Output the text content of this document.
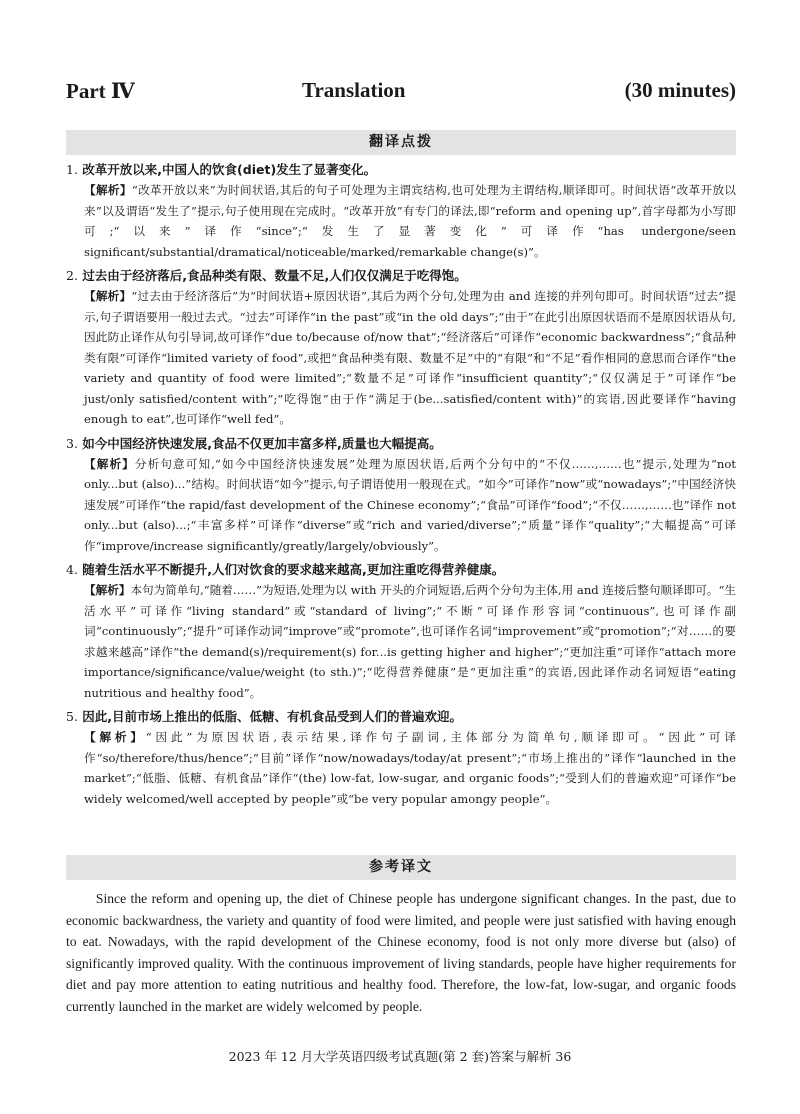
Part Ⅳ	Translation	(30 minutes)
翻译点拨
1. 改革开放以来,中国人的饮食(diet)发生了显著变化。
【解析】“改革开放以来”为时间状语,其后的句子可处理为主谓宾结构,也可处理为主谓结构,顺译即可。时间状语“改革开放以来”以及谓语“发生了”提示,句子使用现在完成时。“改革开放”有专门的译法,即“reform and opening up”,首字母都为小写即可;“以来”译作“since”;“发生了显著变化”可译作“has undergone/seen significant/substantial/dramatical/noticeable/marked/remarkable change(s)”。
2. 过去由于经济落后,食品种类有限、数量不足,人们仅仅满足于吃得饱。
【解析】“过去由于经济落后”为“时间状语+原因状语”,其后为两个分句,处理为由 and 连接的并列句即可。时间状语“过去”提示,句子谓语要用一般过去式。“过去”可译作“in the past”或“in the old days”;“由于”在此引出原因状语而不是原因状语从句,因此防止译作从句引导词,故可译作“due to/because of/now that”;“经济落后”可译作“economic backwardness”;“食品种类有限”可译作“limited variety of food”,或把“食品种类有限、数量不足”中的“有限”和“不足”看作相同的意思而合译作“the variety and quantity of food were limited”;“数量不足”可译作“insufficient quantity”;“仅仅满足于”可译作“be just/only satisfied/content with”;“吃得饱”由于作“满足于(be...satisfied/content with)”的宾语,因此要译作“having enough to eat”,也可译作“well fed”。
3. 如今中国经济快速发展,食品不仅更加丰富多样,质量也大幅提高。
【解析】分析句意可知,“如今中国经济快速发展”处理为原因状语,后两个分句中的“不仅……,……也”提示,处理为“not only...but (also)...”结构。时间状语“如今”提示,句子谓语使用一般现在式。“如今”可译作“now”或“nowadays”;“中国经济快速发展”可译作“the rapid/fast development of the Chinese economy”;“食品”可译作“food”;“不仅……,……也”译作 not only...but (also)...;“丰富多样”可译作“diverse”或“rich and varied/diverse”;“质量”译作“quality”;“大幅提高”可译作“improve/increase significantly/greatly/largely/obviously”。
4. 随着生活水平不断提升,人们对饮食的要求越来越高,更加注重吃得营养健康。
【解析】本句为简单句,“随着……”为短语,处理为以 with 开头的介词短语,后两个分句为主体,用 and 连接后整句顺译即可。“生活水平”可译作“living standard”或“standard of living”;“不断”可译作形容词“continuous”,也可译作副词“continuously”;“提升”可译作动词“improve”或“promote”,也可译作名词“improvement”或“promotion”;“对……的要求越来越高”译作“the demand(s)/requirement(s) for...is getting higher and higher”;“更加注重”可译作“attach more importance/significance/value/weight (to sth.)”;“吃得营养健康”是“更加注重”的宾语,因此译作动名词短语“eating nutritious and healthy food”。
5. 因此,目前市场上推出的低脂、低糖、有机食品受到人们的普遍欢迎。
【解析】“因此”为原因状语,表示结果,译作句子副词,主体部分为简单句,顺译即可。“因此”可译作“so/therefore/thus/hence”;“目前”译作“now/nowadays/today/at present”;“市场上推出的”译作“launched in the market”;“低脂、低糖、有机食品”译作“(the) low-fat, low-sugar, and organic foods”;“受到人们的普遍欢迎”可译作“be widely welcomed/well accepted by people”或“be very popular amongy people”。
参考译文
Since the reform and opening up, the diet of Chinese people has undergone significant changes. In the past, due to economic backwardness, the variety and quantity of food were limited, and people were just satisfied with having enough to eat. Nowadays, with the rapid development of the Chinese economy, food is not only more diverse but (also) of significantly improved quality. With the continuous improvement of living standards, people have higher requirements for diet and pay more attention to eating nutritious and healthy food. Therefore, the low-fat, low-sugar, and organic foods currently launched in the market are widely welcomed by people.
2023 年 12 月大学英语四级考试真题(第 2 套)答案与解析 36
